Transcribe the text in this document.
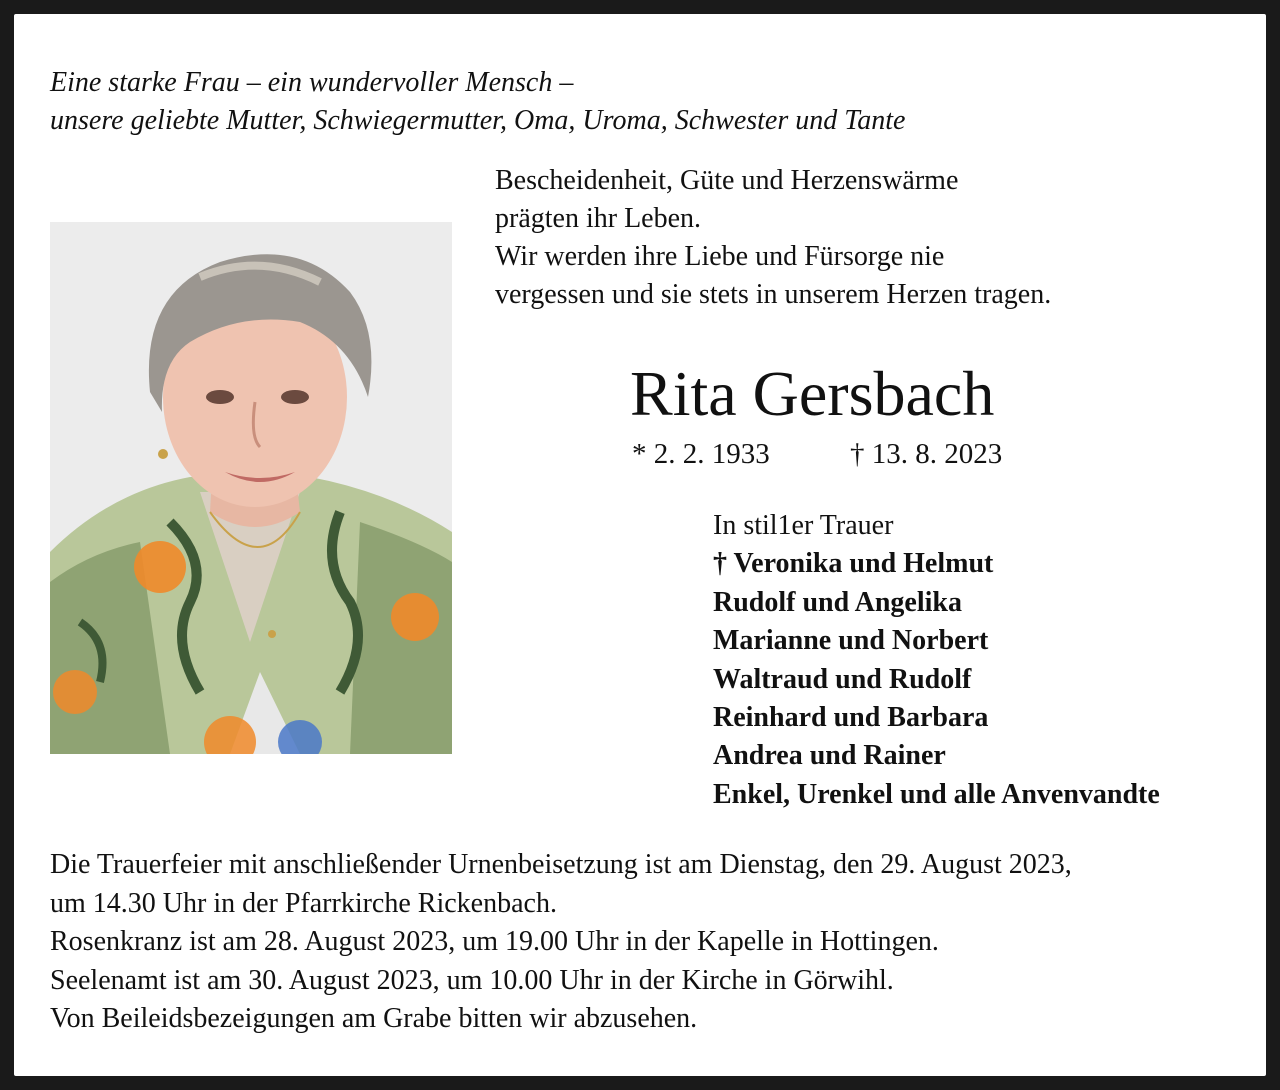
Eine starke Frau – ein wundervoller Mensch –
unsere geliebte Mutter, Schwiegermutter, Oma, Uroma, Schwester und Tante
Bescheidenheit, Güte und Herzenswärme
prägten ihr Leben.
Wir werden ihre Liebe und Fürsorge nie
vergessen und sie stets in unserem Herzen tragen.
Rita Gersbach
* 2. 2. 1933	† 13. 8. 2023
In stil1er Trauer
† Veronika und Helmut
Rudolf und Angelika
Marianne und Norbert
Waltraud und Rudolf
Reinhard und Barbara
Andrea und Rainer
Enkel, Urenkel und alle Anvenvandte
Die Trauerfeier mit anschließender Urnenbeisetzung ist am Dienstag, den 29. August 2023,
um 14.30 Uhr in der Pfarrkirche Rickenbach.
Rosenkranz ist am 28. August 2023, um 19.00 Uhr in der Kapelle in Hottingen.
Seelenamt ist am 30. August 2023, um 10.00 Uhr in der Kirche in Görwihl.
Von Beileidsbezeigungen am Grabe bitten wir abzusehen.
